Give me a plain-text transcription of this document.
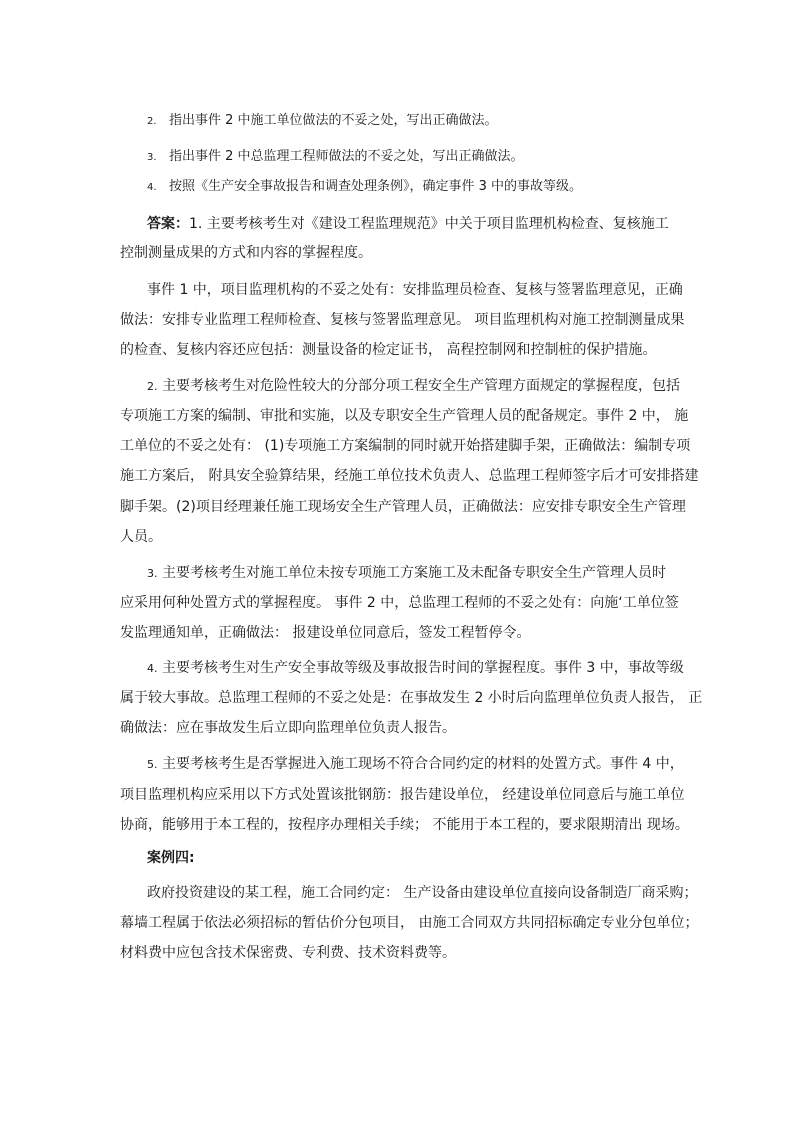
2. 指出事件 2 中施工单位做法的不妥之处，写出正确做法。
3. 指出事件 2 中总监理工程师做法的不妥之处，写出正确做法。
4. 按照《生产安全事故报告和调查处理条例》，确定事件 3 中的事故等级。
答案：1. 主要考核考生对《建设工程监理规范》中关于项目监理机构检查、复核施工
控制测量成果的方式和内容的掌握程度。
事件 1 中，项目监理机构的不妥之处有：安排监理员检查、复核与签署监理意见，正确
做法：安排专业监理工程师检查、复核与签署监理意见。 项目监理机构对施工控制测量成果
的检查、复核内容还应包括：测量设备的检定证书， 高程控制网和控制桩的保护措施。
2. 主要考核考生对危险性较大的分部分项工程安全生产管理方面规定的掌握程度，包括
专项施工方案的编制、审批和实施，以及专职安全生产管理人员的配备规定。事件 2 中， 施
工单位的不妥之处有： (1)专项施工方案编制的同时就开始搭建脚手架，正确做法：编制专项
施工方案后， 附具安全验算结果，经施工单位技术负责人、总监理工程师签字后才可安排搭建
脚手架。(2)项目经理兼任施工现场安全生产管理人员，正确做法：应安排专职安全生产管理
人员。
3. 主要考核考生对施工单位未按专项施工方案施工及未配备专职安全生产管理人员时
应采用何种处置方式的掌握程度。 事件 2 中，总监理工程师的不妥之处有：向施‘工单位签
发监理通知单，正确做法： 报建设单位同意后，签发工程暂停令。
4. 主要考核考生对生产安全事故等级及事故报告时间的掌握程度。事件 3 中，事故等级
属于较大事故。总监理工程师的不妥之处是：在事故发生 2 小时后向监理单位负责人报告， 正
确做法：应在事故发生后立即向监理单位负责人报告。
5. 主要考核考生是否掌握进入施工现场不符合合同约定的材料的处置方式。事件 4 中，
项目监理机构应采用以下方式处置该批钢筋：报告建设单位， 经建设单位同意后与施工单位
协商，能够用于本工程的，按程序办理相关手续； 不能用于本工程的，要求限期清出 现场。
案例四:
政府投资建设的某工程，施工合同约定： 生产设备由建设单位直接向设备制造厂商采购；
幕墙工程属于依法必须招标的暂估价分包项目， 由施工合同双方共同招标确定专业分包单位；
材料费中应包含技术保密费、专利费、技术资料费等。
